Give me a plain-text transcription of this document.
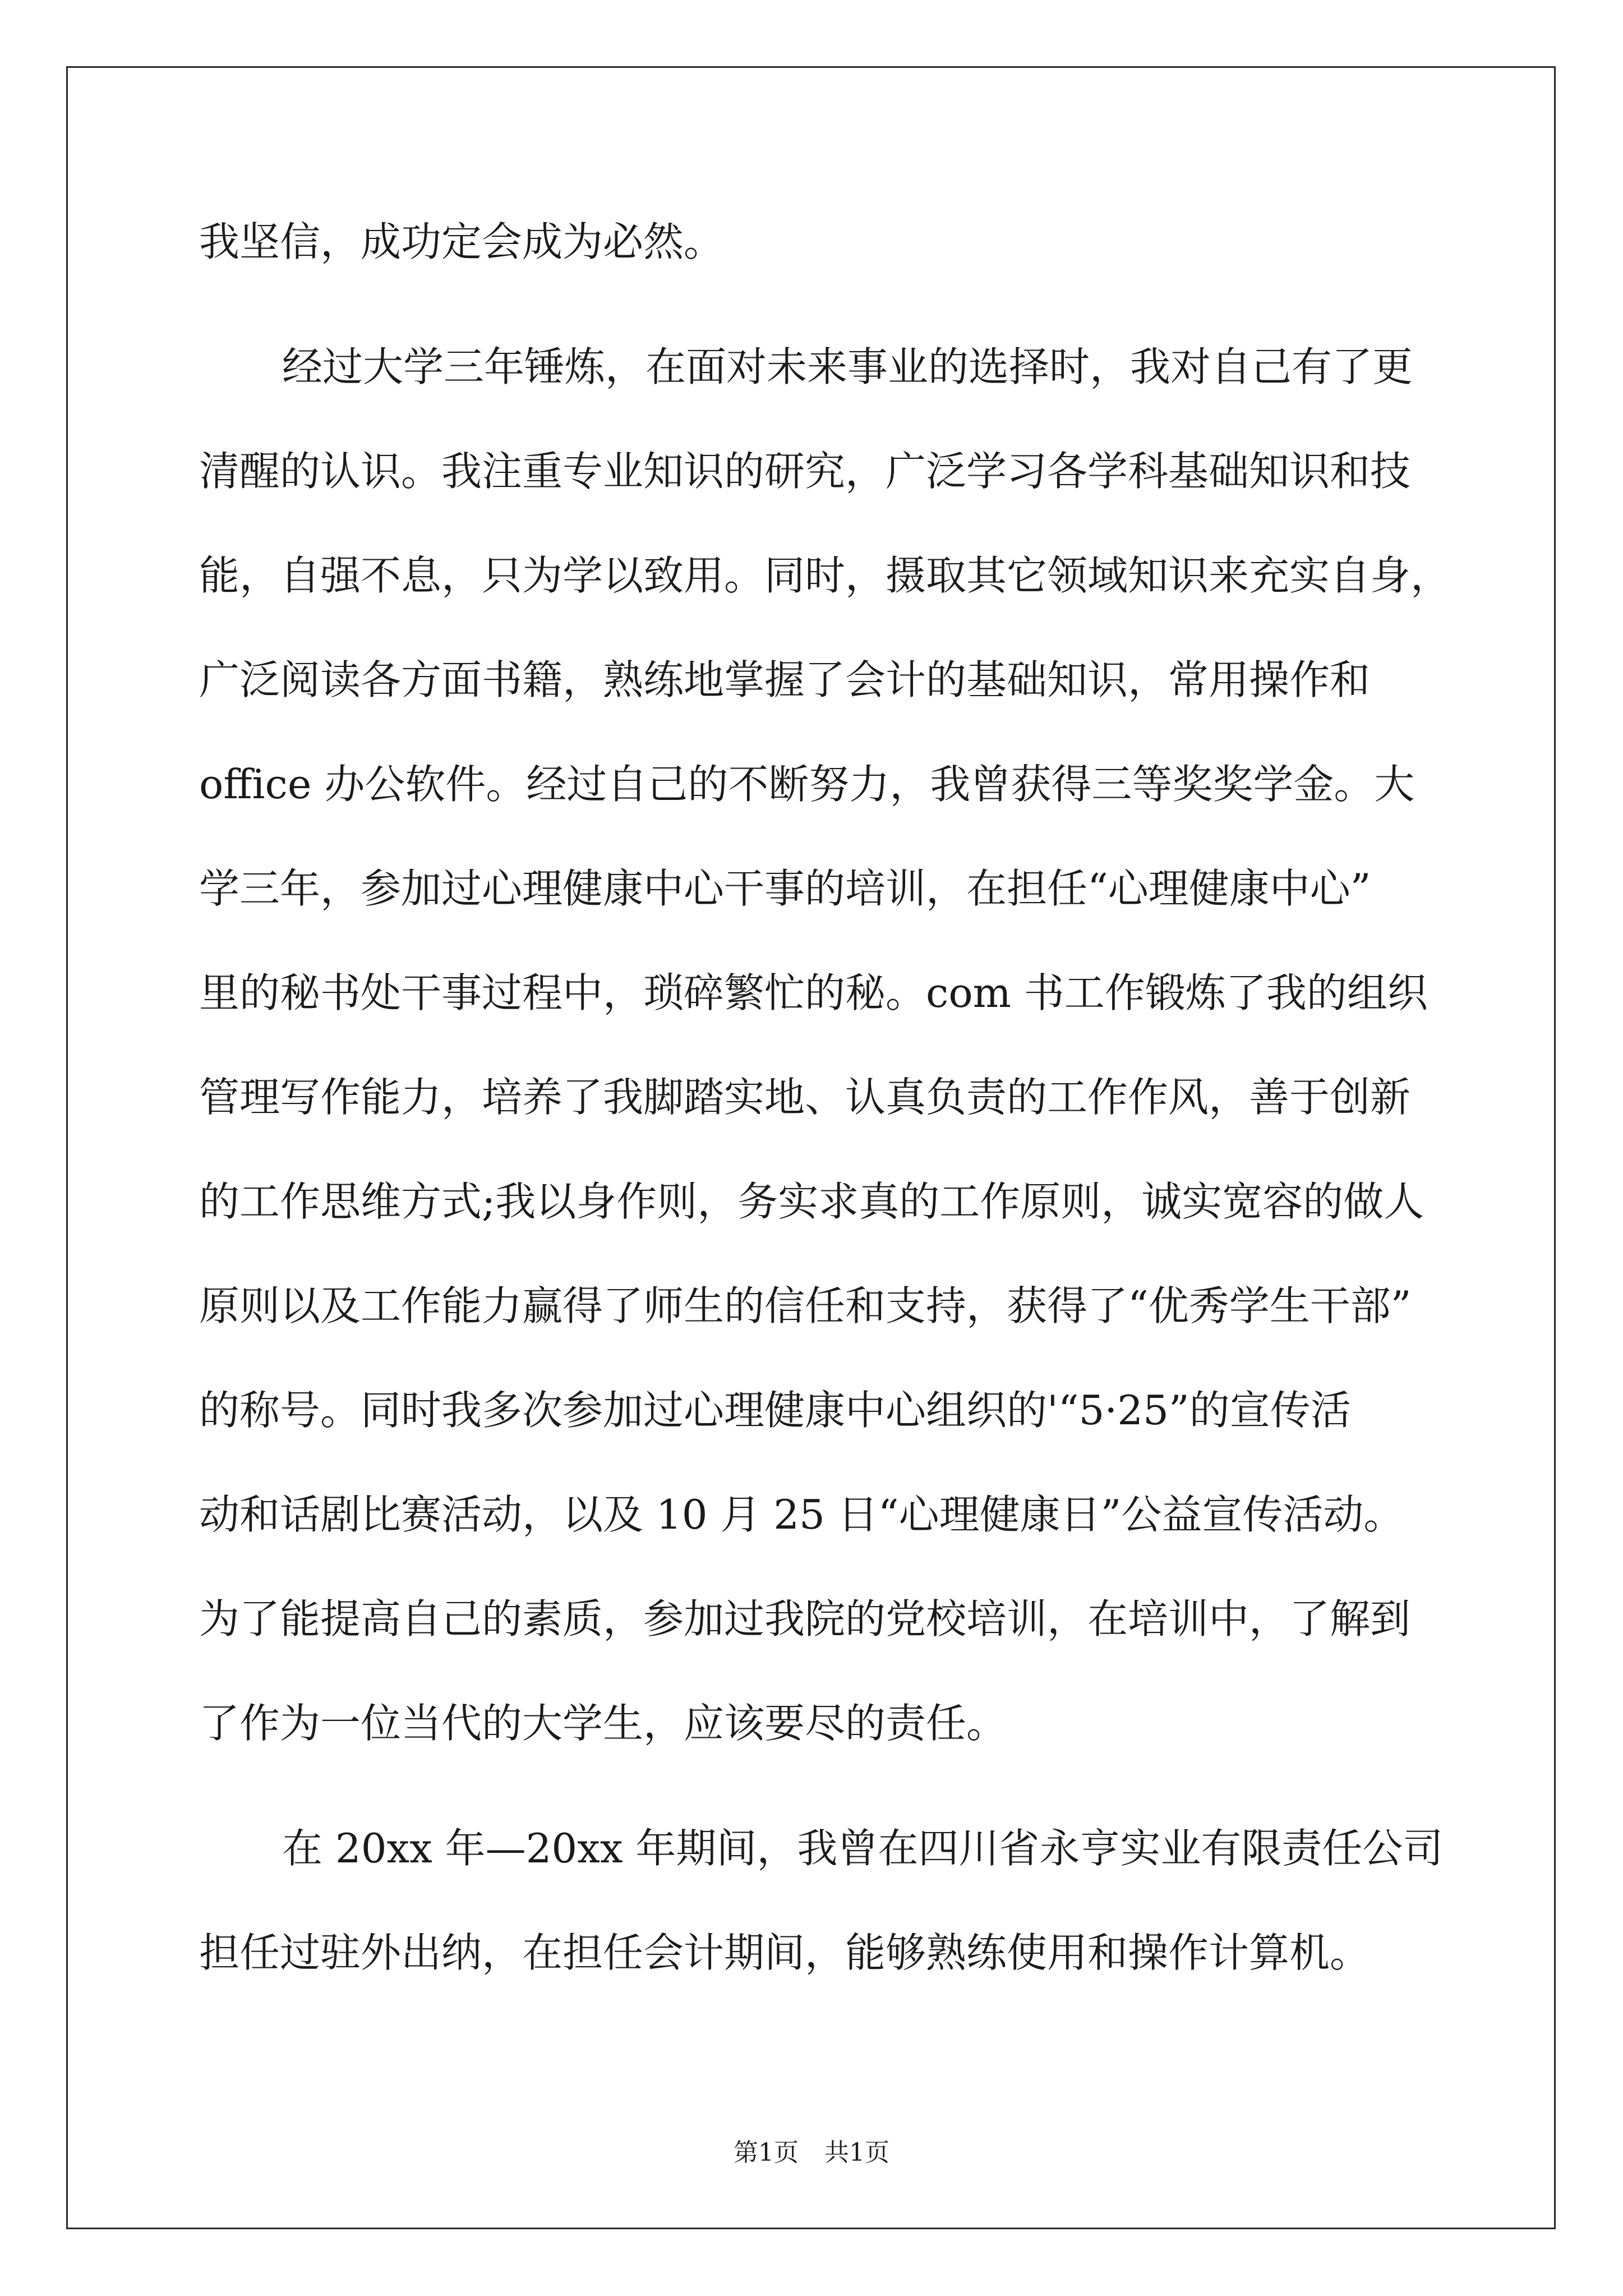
我坚信，成功定会成为必然。
经过大学三年锤炼，在面对未来事业的选择时，我对自己有了更
清醒的认识。我注重专业知识的研究，广泛学习各学科基础知识和技
能，自强不息，只为学以致用。同时，摄取其它领域知识来充实自身，
广泛阅读各方面书籍，熟练地掌握了会计的基础知识，常用操作和
office 办公软件。经过自己的不断努力，我曾获得三等奖奖学金。大
学三年，参加过心理健康中心干事的培训，在担任“心理健康中心”
里的秘书处干事过程中，琐碎繁忙的秘。com 书工作锻炼了我的组织
管理写作能力，培养了我脚踏实地、认真负责的工作作风，善于创新
的工作思维方式;我以身作则，务实求真的工作原则，诚实宽容的做人
原则以及工作能力赢得了师生的信任和支持，获得了“优秀学生干部”
的称号。同时我多次参加过心理健康中心组织的'“5·25”的宣传活
动和话剧比赛活动，以及 10 月 25 日“心理健康日”公益宣传活动。
为了能提高自己的素质，参加过我院的党校培训，在培训中，了解到
了作为一位当代的大学生，应该要尽的责任。
在 20xx 年—20xx 年期间，我曾在四川省永亨实业有限责任公司
担任过驻外出纳，在担任会计期间，能够熟练使用和操作计算机。
第1页 共1页
